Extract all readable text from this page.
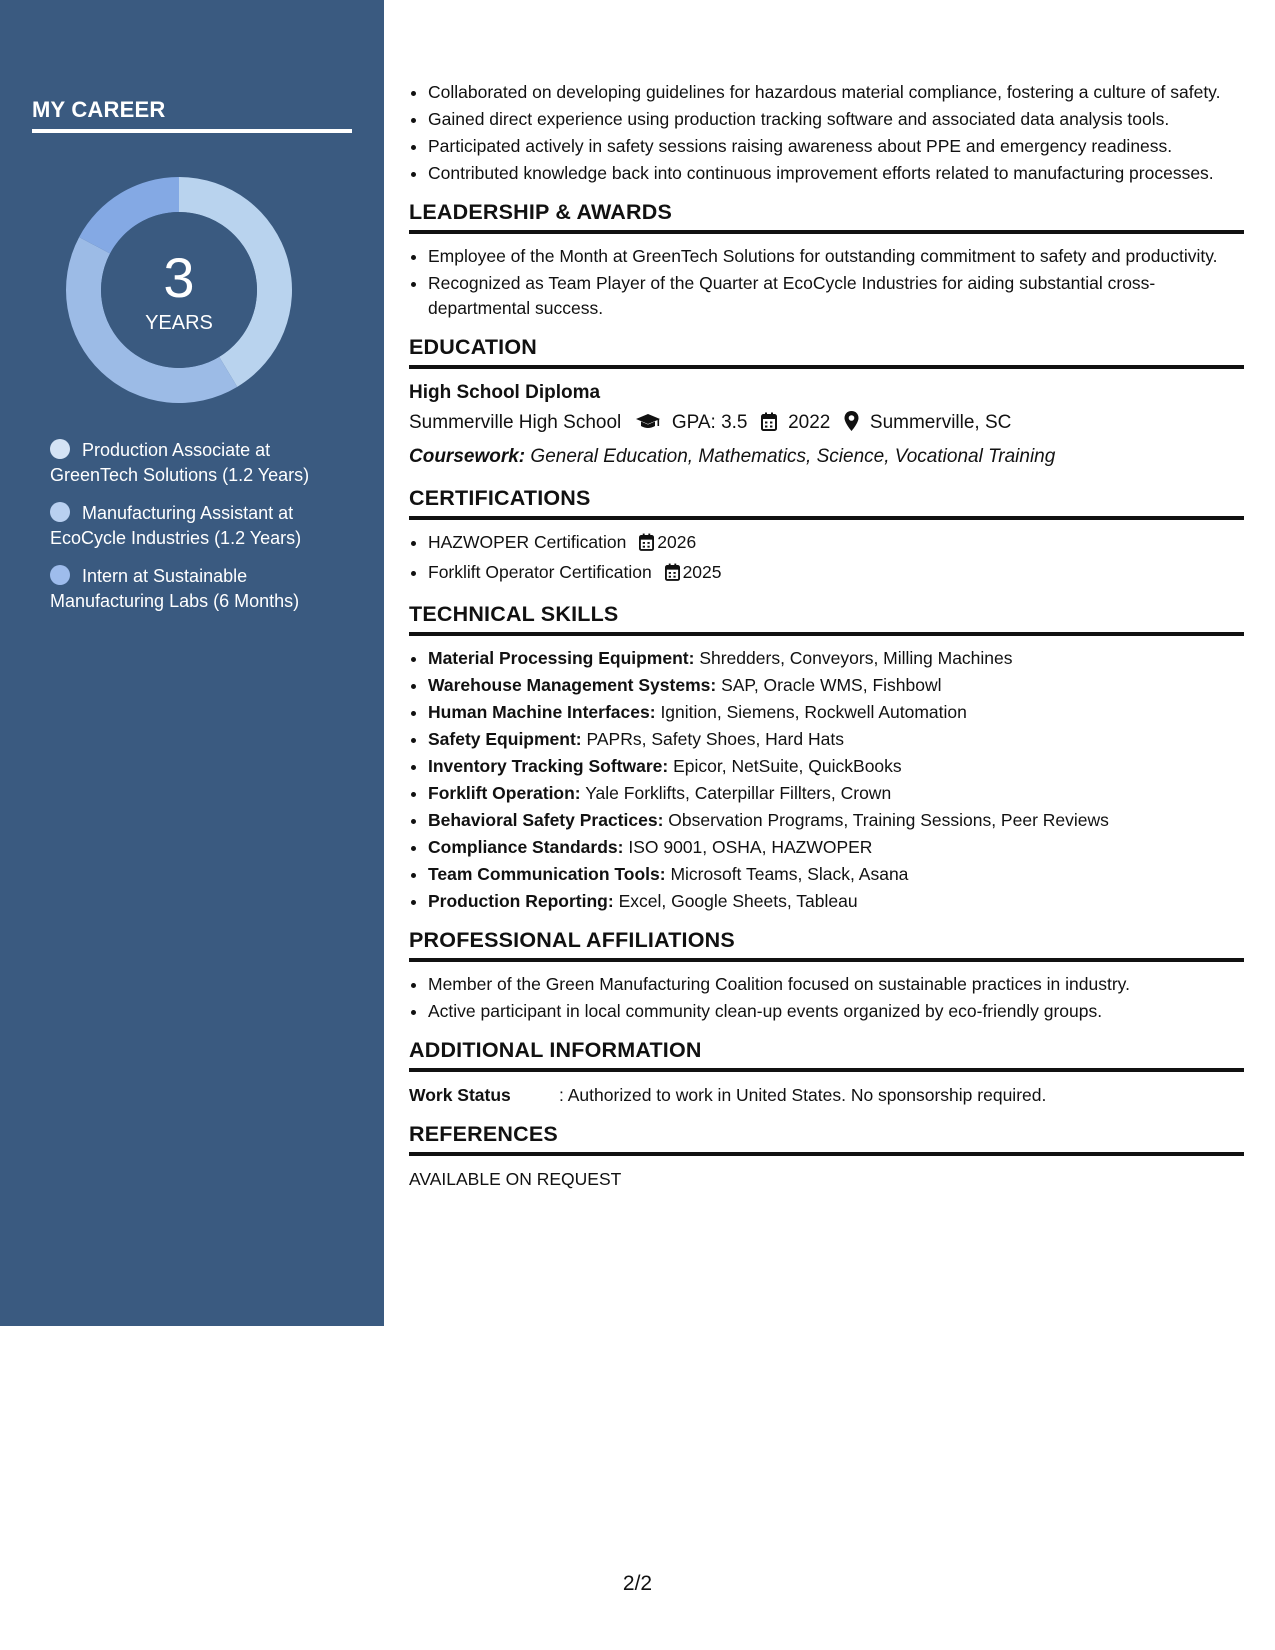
MY CAREER
3
YEARS
Production Associate at GreenTech Solutions (1.2 Years)
Manufacturing Assistant at EcoCycle Industries (1.2 Years)
Intern at Sustainable Manufacturing Labs (6 Months)
• Collaborated on developing guidelines for hazardous material compliance, fostering a culture of safety.
• Gained direct experience using production tracking software and associated data analysis tools.
• Participated actively in safety sessions raising awareness about PPE and emergency readiness.
• Contributed knowledge back into continuous improvement efforts related to manufacturing processes.
LEADERSHIP & AWARDS
• Employee of the Month at GreenTech Solutions for outstanding commitment to safety and productivity.
• Recognized as Team Player of the Quarter at EcoCycle Industries for aiding substantial cross-departmental success.
EDUCATION
High School Diploma
Summerville High School	GPA: 3.5 2022 Summerville, SC
Coursework: General Education, Mathematics, Science, Vocational Training
CERTIFICATIONS
• HAZWOPER Certification 2026
• Forklift Operator Certification 2025
TECHNICAL SKILLS
• Material Processing Equipment: Shredders, Conveyors, Milling Machines
• Warehouse Management Systems: SAP, Oracle WMS, Fishbowl
• Human Machine Interfaces: Ignition, Siemens, Rockwell Automation
• Safety Equipment: PAPRs, Safety Shoes, Hard Hats
• Inventory Tracking Software: Epicor, NetSuite, QuickBooks
• Forklift Operation: Yale Forklifts, Caterpillar Fillters, Crown
• Behavioral Safety Practices: Observation Programs, Training Sessions, Peer Reviews
• Compliance Standards: ISO 9001, OSHA, HAZWOPER
• Team Communication Tools: Microsoft Teams, Slack, Asana
• Production Reporting: Excel, Google Sheets, Tableau
PROFESSIONAL AFFILIATIONS
• Member of the Green Manufacturing Coalition focused on sustainable practices in industry.
• Active participant in local community clean-up events organized by eco-friendly groups.
ADDITIONAL INFORMATION
Work Status	: Authorized to work in United States. No sponsorship required.
REFERENCES
AVAILABLE ON REQUEST
2/2
